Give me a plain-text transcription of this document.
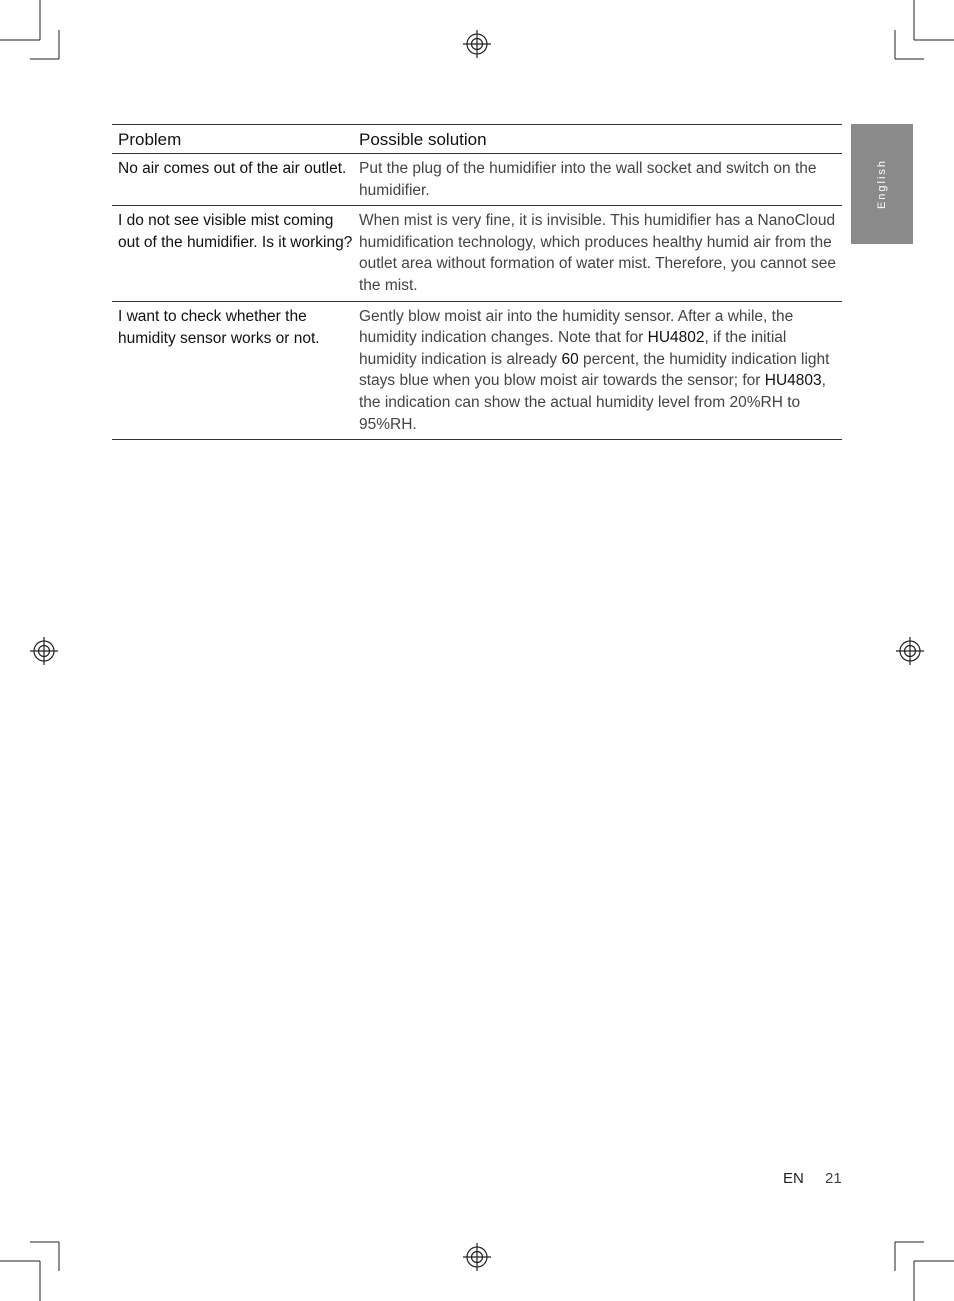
English
Problem	Possible solution
No air comes out of the air outlet.	Put the plug of the humidifier into the wall socket and switch on the humidifier.
I do not see visible mist coming out of the humidifier. Is it working?	When mist is very fine, it is invisible. This humidifier has a NanoCloud humidification technology, which produces healthy humid air from the outlet area without formation of water mist. Therefore, you cannot see the mist.
I want to check whether the humidity sensor works or not.	Gently blow moist air into the humidity sensor. After a while, the humidity indication changes. Note that for HU4802, if the initial humidity indication is already 60 percent, the humidity indication light stays blue when you blow moist air towards the sensor; for HU4803, the indication can show the actual humidity level from 20%RH to 95%RH.
EN 21
